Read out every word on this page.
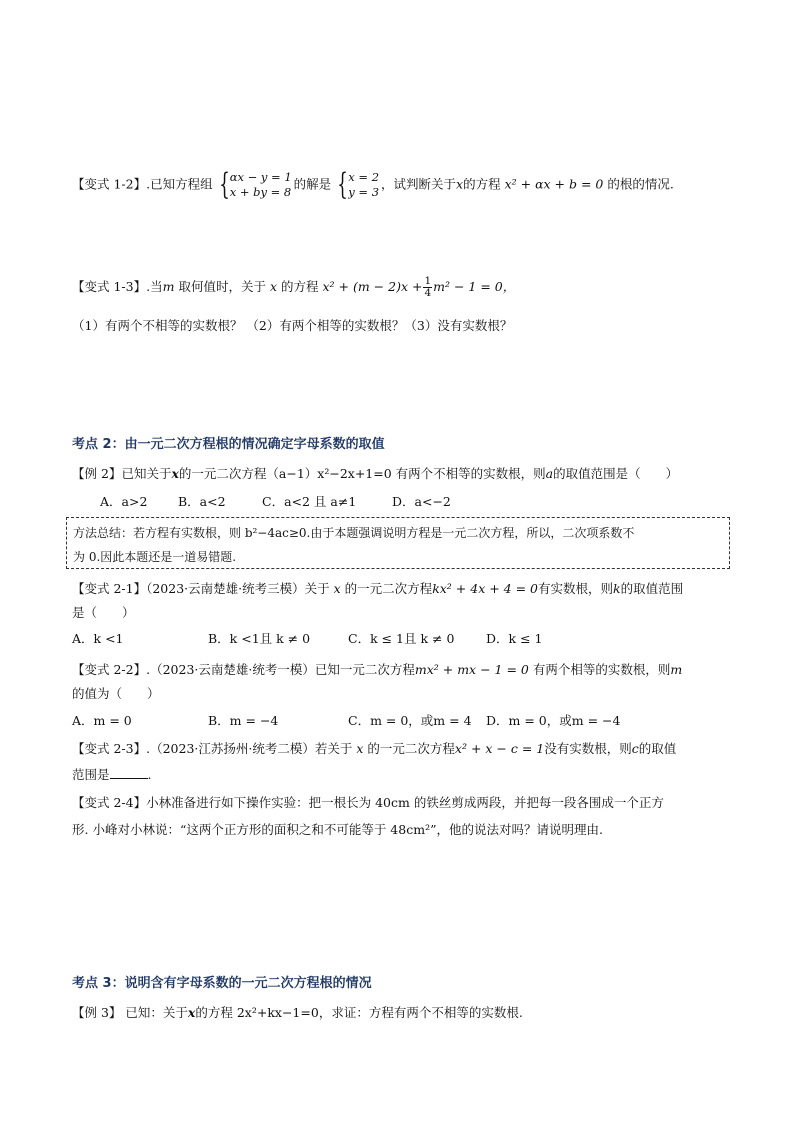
【变式 1-2】.已知方程组 { αx − y = 1
x + by = 8
的解是 { x = 2
y = 3
，试判断关于x的方程 x² + αx + b = 0 的根的情况.
【变式 1-3】.当m 取何值时，关于 x 的方程 $x^2 + (m - 2)x + \frac{1}{4} m^2 - 1 = 0$，
（1）有两个不相等的实数根？ （2）有两个相等的实数根？（3）没有实数根？
考点 2：由一元二次方程根的情况确定字母系数的取值
【例 2】已知关于x的一元二次方程（a−1）x²−2x+1=0 有两个不相等的实数根，则a的取值范围是（　　）
A．a>2 B．a<2	C．a<2 且 a≠1	D．a<−2
方法总结：若方程有实数根，则 b²−4ac≥0.由于本题强调说明方程是一元二次方程，所以，二次项系数不
为 0.因此本题还是一道易错题.
【变式 2-1】（2023·云南楚雄·统考三模）关于 x 的一元二次方程kx² + 4x + 4 = 0有实数根，则k的取值范围
是（　　）
A．k <1	B．k <1且 k ≠ 0	C．k ≤ 1且 k ≠ 0	D．k ≤ 1
【变式 2-2】.（2023·云南楚雄·统考一模）已知一元二次方程mx² + mx − 1 = 0 有两个相等的实数根，则m
的值为（　　）
A．m = 0	B．m = −4	C．m = 0，或m = 4 D．m = 0，或m = −4
【变式 2-3】.（2023·江苏扬州·统考二模）若关于 x 的一元二次方程x² + x − c = 1没有实数根，则c的取值
范围是	.
【变式 2-4】小林准备进行如下操作实验：把一根长为 40cm 的铁丝剪成两段，并把每一段各围成一个正方
形. 小峰对小林说：“这两个正方形的面积之和不可能等于 48cm²”，他的说法对吗？请说明理由.
考点 3：说明含有字母系数的一元二次方程根的情况
【例 3】 已知：关于x的方程 2x²+kx−1=0，求证：方程有两个不相等的实数根.
